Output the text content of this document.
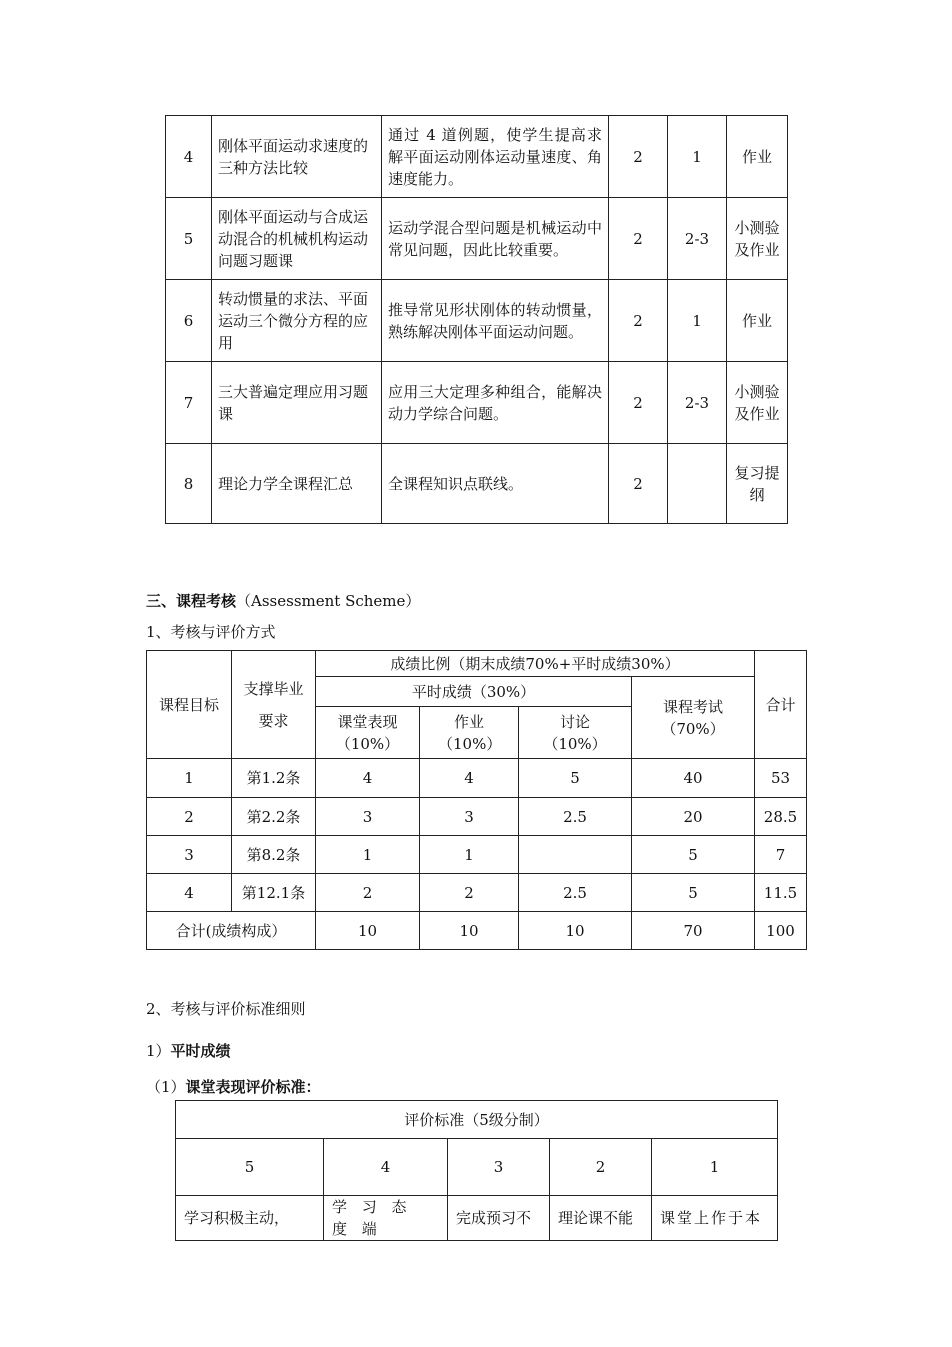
4	刚体平面运动求速度的三种方法比较	通过 4 道例题，使学生提高求解平面运动刚体运动量速度、角速度能力。	2	1	作业
5	刚体平面运动与合成运动混合的机械机构运动问题习题课	运动学混合型问题是机械运动中常见问题，因此比较重要。	2	2-3	小测验及作业
6	转动惯量的求法、平面运动三个微分方程的应用	推导常见形状刚体的转动惯量，熟练解决刚体平面运动问题。	2	1	作业
7	三大普遍定理应用习题课	应用三大定理多种组合，能解决动力学综合问题。	2	2-3	小测验及作业
8	理论力学全课程汇总	全课程知识点联线。	2		复习提纲
三、课程考核（Assessment Scheme）
1、考核与评价方式
课程目标	支撑毕业要求	成绩比例（期末成绩70%+平时成绩30%）				合计
		平时成绩（30%）			课程考试（70%）	
		课堂表现（10%）	作业（10%）	讨论（10%）		
1	第1.2条	4	4	5	40	53
2	第2.2条	3	3	2.5	20	28.5
3	第8.2条	1	1		5	7
4	第12.1条	2	2	2.5	5	11.5
合计(成绩构成）		10	10	10	70	100
2、考核与评价标准细则
1）平时成绩
（1）课堂表现评价标准：
评价标准（5级分制）				
5	4	3	2	1
学习积极主动，	学 习 态 度 端	完成预习不	理论课不能	课堂上作于本
